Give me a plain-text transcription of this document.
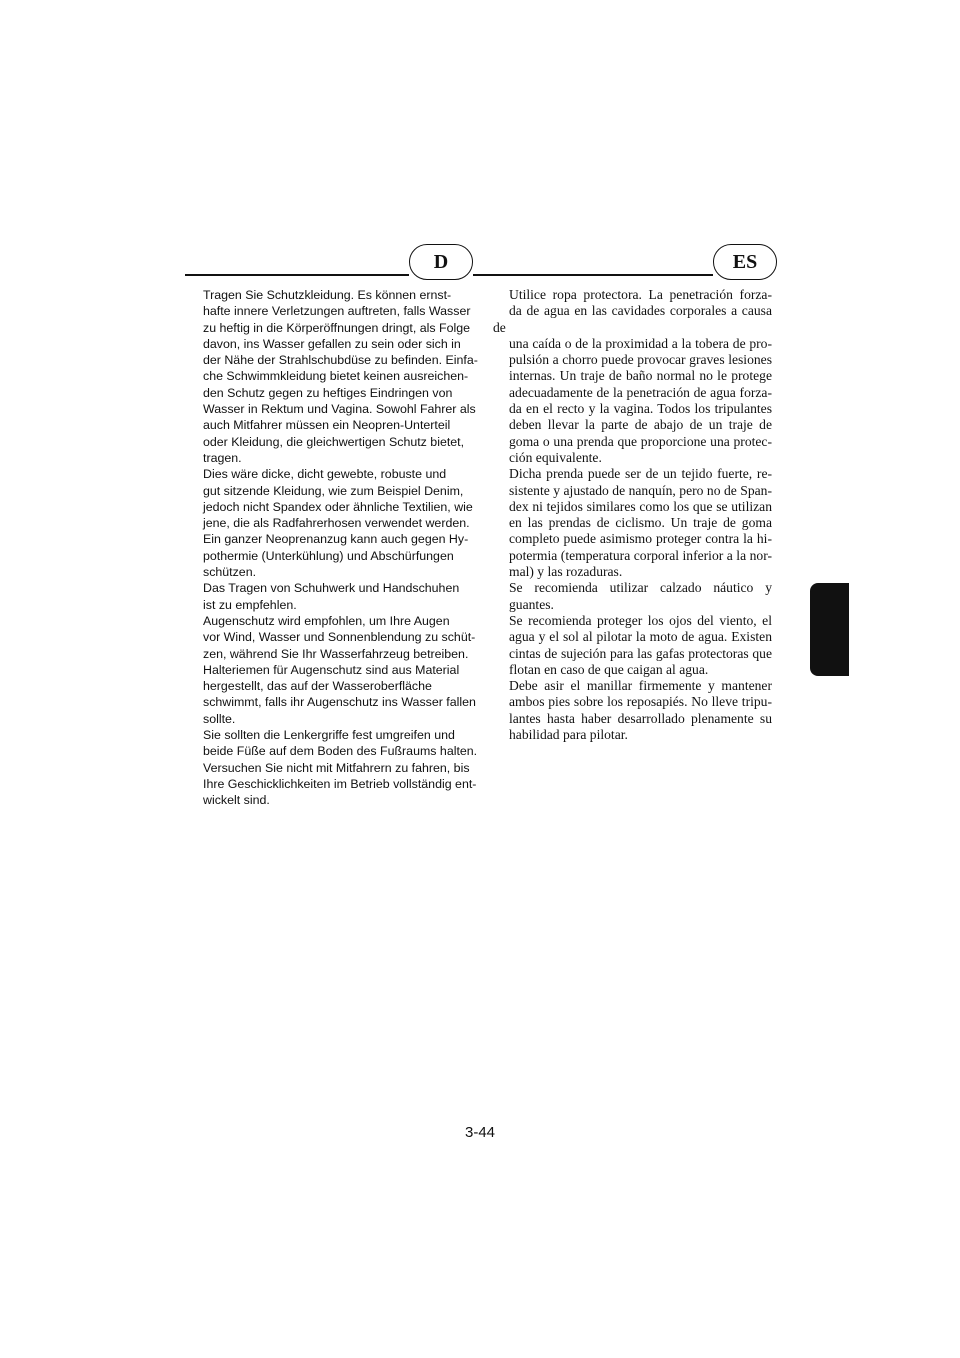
D	ES

Tragen Sie Schutzkleidung. Es können ernst-
hafte innere Verletzungen auftreten, falls Wasser
zu heftig in die Körperöffnungen dringt, als Folge
davon, ins Wasser gefallen zu sein oder sich in
der Nähe der Strahlschubdüse zu befinden. Einfa-
che Schwimmkleidung bietet keinen ausreichen-
den Schutz gegen zu heftiges Eindringen von
Wasser in Rektum und Vagina. Sowohl Fahrer als
auch Mitfahrer müssen ein Neopren-Unterteil
oder Kleidung, die gleichwertigen Schutz bietet,
tragen.

Dies wäre dicke, dicht gewebte, robuste und
gut sitzende Kleidung, wie zum Beispiel Denim,
jedoch nicht Spandex oder ähnliche Textilien, wie
jene, die als Radfahrerhosen verwendet werden.
Ein ganzer Neoprenanzug kann auch gegen Hy-
pothermie (Unterkühlung) und Abschürfungen
schützen.

Das Tragen von Schuhwerk und Handschuhen
ist zu empfehlen.

Augenschutz wird empfohlen, um Ihre Augen
vor Wind, Wasser und Sonnenblendung zu schüt-
zen, während Sie Ihr Wasserfahrzeug betreiben.
Halteriemen für Augenschutz sind aus Material
hergestellt, das auf der Wasseroberfläche
schwimmt, falls ihr Augenschutz ins Wasser fallen
sollte.

Sie sollten die Lenkergriffe fest umgreifen und
beide Füße auf dem Boden des Fußraums halten.
Versuchen Sie nicht mit Mitfahrern zu fahren, bis
Ihre Geschicklichkeiten im Betrieb vollständig ent-
wickelt sind.

Utilice ropa protectora. La penetración forza-
da de agua en las cavidades corporales a causa de
una caída o de la proximidad a la tobera de pro-
pulsión a chorro puede provocar graves lesiones
internas. Un traje de baño normal no le protege
adecuadamente de la penetración de agua forza-
da en el recto y la vagina. Todos los tripulantes
deben llevar la parte de abajo de un traje de
goma o una prenda que proporcione una protec-
ción equivalente.

Dicha prenda puede ser de un tejido fuerte, re-
sistente y ajustado de nanquín, pero no de Span-
dex ni tejidos similares como los que se utilizan
en las prendas de ciclismo. Un traje de goma
completo puede asimismo proteger contra la hi-
potermia (temperatura corporal inferior a la nor-
mal) y las rozaduras.

Se recomienda utilizar calzado náutico y
guantes.

Se recomienda proteger los ojos del viento, el
agua y el sol al pilotar la moto de agua. Existen
cintas de sujeción para las gafas protectoras que
flotan en caso de que caigan al agua.

Debe asir el manillar firmemente y mantener
ambos pies sobre los reposapiés. No lleve tripu-
lantes hasta haber desarrollado plenamente su
habilidad para pilotar.

3-44
